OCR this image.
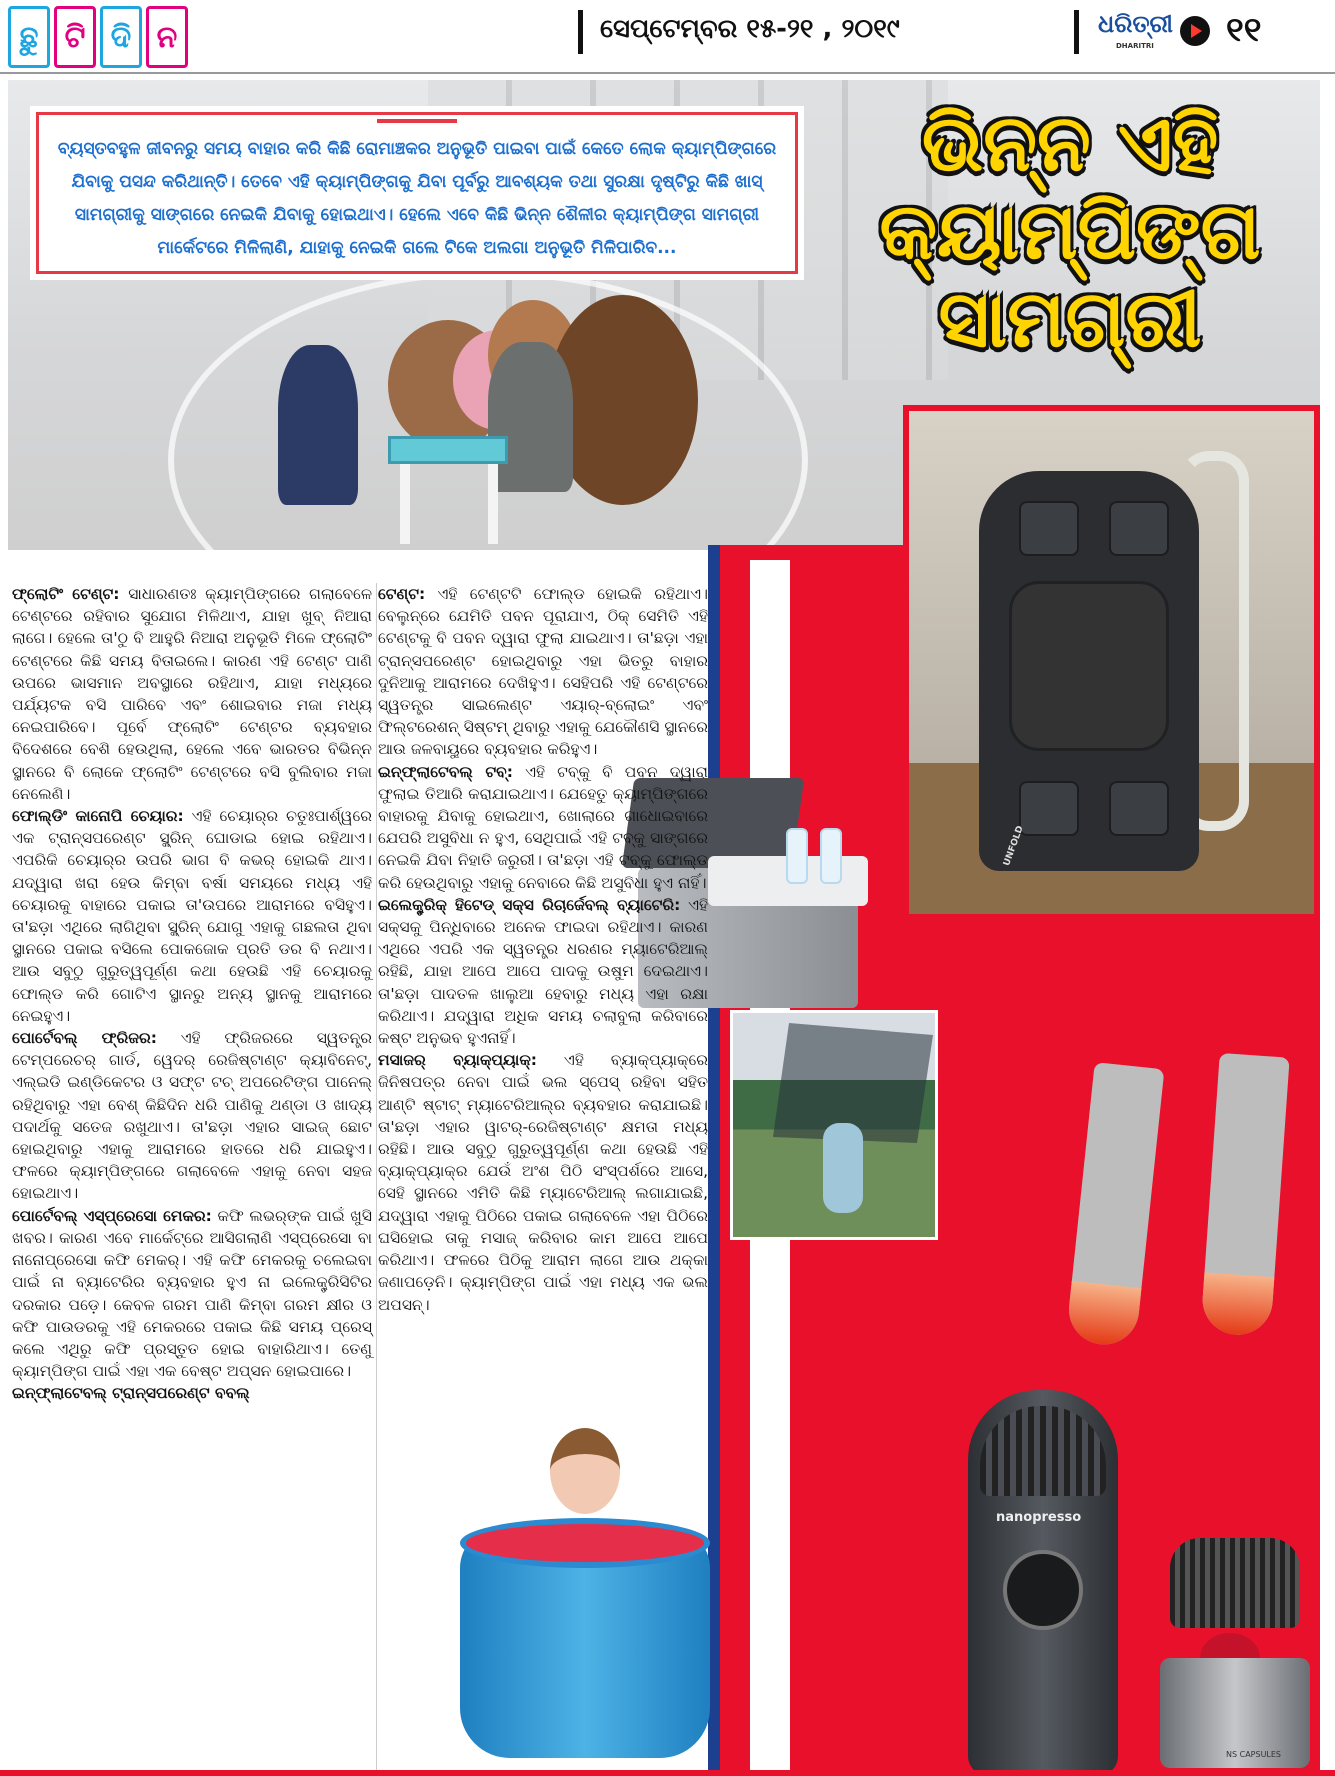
ଛୁ ଟି ଦି ନ	ସେପ୍ଟେମ୍ବର ୧୫-୨୧ , ୨୦୧୯	ଧରିତ୍ରୀ
DHARITRI ୧୧

ବ୍ୟସ୍ତବହୁଳ ଜୀବନରୁ ସମୟ ବାହାର କରି କିଛି ରୋମାଞ୍ଚକର ଅନୁଭୂତି ପାଇବା ପାଇଁ କେତେ ଲୋକ କ୍ୟାମ୍ପିଙ୍ଗରେ ଯିବାକୁ ପସନ୍ଦ କରିଥାନ୍ତି। ତେବେ ଏହି କ୍ୟାମ୍ପିଙ୍ଗକୁ ଯିବା ପୂର୍ବରୁ ଆବଶ୍ୟକ ତଥା ସୁରକ୍ଷା ଦୃଷ୍ଟିରୁ କିଛି ଖାସ୍ ସାମଗ୍ରୀକୁ ସାଙ୍ଗରେ ନେଇକି ଯିବାକୁ ହୋଇଥାଏ। ହେଲେ ଏବେ କିଛି ଭିନ୍ନ ଶୈଳୀର କ୍ୟାମ୍ପିଙ୍ଗ ସାମଗ୍ରୀ ମାର୍କେଟରେ ମିଳିଲାଣି, ଯାହାକୁ ନେଇକି ଗଲେ ଟିକେ ଅଲଗା ଅନୁଭୂତି ମିଳିପାରିବ...

ଭିନ୍ନ ଏହି
କ୍ୟାମ୍ପିଙ୍ଗ
ସାମଗ୍ରୀ
UNFOLD
nanopresso
NS CAPSULES

ଫ୍ଲୋଟିଂ ଟେଣ୍ଟ: ସାଧାରଣତଃ କ୍ୟାମ୍ପିଙ୍ଗରେ ଗଲାବେଳେ ଟେଣ୍ଟରେ ରହିବାର ସୁଯୋଗ ମିଳିଥାଏ, ଯାହା ଖୁବ୍ ନିଆରା ଲାଗେ। ହେଲେ ତା'ଠୁ ବି ଆହୁରି ନିଆରା ଅନୁଭୂତି ମିଳେ ଫ୍ଲୋଟିଂ ଟେଣ୍ଟରେ କିଛି ସମୟ ବିତାଇଲେ। କାରଣ ଏହି ଟେଣ୍ଟ ପାଣି ଉପରେ ଭାସମାନ ଅବସ୍ଥାରେ ରହିଥାଏ, ଯାହା ମଧ୍ୟରେ ପର୍ଯ୍ୟଟକ ବସି ପାରିବେ ଏବଂ ଶୋଇବାର ମଜା ମଧ୍ୟ ନେଇପାରିବେ। ପୂର୍ବେ ଫ୍ଲୋଟିଂ ଟେଣ୍ଟର ବ୍ୟବହାର ବିଦେଶରେ ବେଶି ହେଉଥିଲା, ହେଲେ ଏବେ ଭାରତର ବିଭିନ୍ନ ସ୍ଥାନରେ ବି ଲୋକେ ଫ୍ଲୋଟିଂ ଟେଣ୍ଟରେ ବସି ବୁଲିବାର ମଜା ନେଲେଣି।

ଫୋଲ୍ଡିଂ କାନୋପି ଚେୟାର: ଏହି ଚେୟାର୍‌ର ଚତୁଃପାର୍ଶ୍ୱରେ ଏକ ଟ୍ରାନ୍ସପରେଣ୍ଟ ସ୍କ୍ରିନ୍ ଘୋଡାଇ ହୋଇ ରହିଥାଏ। ଏପରିକି ଚେୟାର୍‌ର ଉପରି ଭାଗ ବି କଭର୍ ହୋଇକି ଥାଏ। ଯଦ୍ୱାରା ଖରା ହେଉ କିମ୍ବା ବର୍ଷା ସମୟରେ ମଧ୍ୟ ଏହି ଚେୟାରକୁ ବାହାରେ ପକାଇ ତା'ଉପରେ ଆରାମରେ ବସିହୁଏ। ତା'ଛଡ଼ା ଏଥିରେ ଲାଗିଥିବା ସ୍କ୍ରିନ୍ ଯୋଗୁ ଏହାକୁ ଗଛଲତା ଥିବା ସ୍ଥାନରେ ପକାଇ ବସିଲେ ପୋକଜୋକ ପ୍ରତି ଡର ବି ନଥାଏ। ଆଉ ସବୁଠୁ ଗୁରୁତ୍ୱପୂର୍ଣ୍ଣ କଥା ହେଉଛି ଏହି ଚେୟାରକୁ ଫୋଲ୍ଡ କରି ଗୋଟିଏ ସ୍ଥାନରୁ ଅନ୍ୟ ସ୍ଥାନକୁ ଆରାମରେ ନେଇହୁଏ।

ପୋର୍ଟେବଲ୍ ଫ୍ରିଜର: ଏହି ଫ୍ରିଜରରେ ସ୍ୱତନ୍ତ୍ର ଟେମ୍ପରେଚର୍ ଗାର୍ଡ, ୱେଦର୍ ରେଜିଷ୍ଟାଣ୍ଟ କ୍ୟାବିନେଟ୍, ଏଲ୍‌ଇଡି ଇଣ୍ଡିକେଟର ଓ ସଫ୍ଟ ଟଚ୍ ଅପରେଟିଙ୍ଗ ପାନେଲ୍ ରହିଥିବାରୁ ଏହା ବେଶ୍ କିଛିଦିନ ଧରି ପାଣିକୁ ଥଣ୍ଡା ଓ ଖାଦ୍ୟ ପଦାର୍ଥକୁ ସତେଜ ରଖୁଥାଏ। ତା'ଛଡ଼ା ଏହାର ସାଇଜ୍ ଛୋଟ ହୋଇଥିବାରୁ ଏହାକୁ ଆରାମରେ ହାତରେ ଧରି ଯାଇହୁଏ। ଫଳରେ କ୍ୟାମ୍ପିଙ୍ଗରେ ଗଲାବେଳେ ଏହାକୁ ନେବା ସହଜ ହୋଇଥାଏ।

ପୋର୍ଟେବଲ୍ ଏସ୍‌ପ୍ରେସୋ ମେକର: କଫି ଲଭର୍‌ଙ୍କ ପାଇଁ ଖୁସି ଖବର। କାରଣ ଏବେ ମାର୍କେଟ୍‌ରେ ଆସିଗଲାଣି ଏସ୍‌ପ୍ରେସୋ ବା ନାନୋପ୍ରେସୋ କଫି ମେକର୍। ଏହି କଫି ମେକରକୁ ଚଲେଇବା ପାଇଁ ନା ବ୍ୟାଟେରିର ବ୍ୟବହାର ହୁଏ ନା ଇଲେକ୍ଟ୍ରିସିଟିର ଦରକାର ପଡ଼େ। କେବଳ ଗରମ ପାଣି କିମ୍ବା ଗରମ କ୍ଷୀର ଓ କଫି ପାଉଡରକୁ ଏହି ମେକରରେ ପକାଇ କିଛି ସମୟ ପ୍ରେସ୍ କଲେ ଏଥିରୁ କଫି ପ୍ରସ୍ତୁତ ହୋଇ ବାହାରିଥାଏ। ତେଣୁ କ୍ୟାମ୍ପିଙ୍ଗ ପାଇଁ ଏହା ଏକ ବେଷ୍ଟ ଅପ୍ସନ ହୋଇପାରେ।

ଇନ୍‌ଫ୍ଲାଟେବଲ୍ ଟ୍ରାନ୍ସପରେଣ୍ଟ ବବଲ୍

ଟେଣ୍ଟ: ଏହି ଟେଣ୍ଟଟି ଫୋଲ୍ଡ ହୋଇକି ରହିଥାଏ। ବେଲୁନ୍‌ରେ ଯେମିତି ପବନ ପୂରାଯାଏ, ଠିକ୍ ସେମିତି ଏହି ଟେଣ୍ଟକୁ ବି ପବନ ଦ୍ୱାରା ଫୁଲା ଯାଇଥାଏ। ତା'ଛଡ଼ା ଏହା ଟ୍ରାନ୍ସପରେଣ୍ଟ ହୋଇଥିବାରୁ ଏହା ଭିତରୁ ବାହାର ଦୁନିଆକୁ ଆରାମରେ ଦେଖିହୁଏ। ସେହିପରି ଏହି ଟେଣ୍ଟରେ ସ୍ୱତନ୍ତ୍ର ସାଇଲେଣ୍ଟ ଏୟାର୍-ବ୍ଲୋଇଂ ଏବଂ ଫିଲ୍ଟରେଶନ୍ ସିଷ୍ଟମ୍ ଥିବାରୁ ଏହାକୁ ଯେକୌଣସି ସ୍ଥାନରେ ଆଉ ଜଳବାୟୁରେ ବ୍ୟବହାର କରିହୁଏ।

ଇନ୍‌ଫ୍ଲାଟେବଲ୍ ଟବ୍: ଏହି ଟବ୍‌କୁ ବି ପବନ ଦ୍ୱାରା ଫୁଲାଇ ତିଆରି କରାଯାଇଥାଏ। ଯେହେତୁ କ୍ୟାମ୍ପିଙ୍ଗରେ ବାହାରକୁ ଯିବାକୁ ହୋଇଥାଏ, ଖୋଲାରେ ଗାଧୋଇବାରେ ଯେପରି ଅସୁବିଧା ନ ହୁଏ, ସେଥିପାଇଁ ଏହି ଟବ୍‌କୁ ସାଙ୍ଗରେ ନେଇକି ଯିବା ନିହାତି ଜରୁରୀ। ତା'ଛଡ଼ା ଏହି ଟବ୍‌କୁ ଫୋଲ୍ଡ କରି ହେଉଥିବାରୁ ଏହାକୁ ନେବାରେ କିଛି ଅସୁବିଧା ହୁଏ ନାହିଁ।

ଇଲେକ୍ଟ୍ରିକ୍ ହିଟେଡ୍ ସକ୍ସ ରିଚାର୍ଜେବଲ୍ ବ୍ୟାଟେରି: ଏହି ସକ୍ସକୁ ପିନ୍ଧିବାରେ ଅନେକ ଫାଇଦା ରହିଥାଏ। କାରଣ ଏଥିରେ ଏପରି ଏକ ସ୍ୱତନ୍ତ୍ର ଧରଣର ମ୍ୟାଟେରିଆଲ୍ ରହିଛି, ଯାହା ଆପେ ଆପେ ପାଦକୁ ଉଷୁମ ଦେଇଥାଏ। ତା'ଛଡ଼ା ପାଦତଳ ଖାଲୁଆ ହେବାରୁ ମଧ୍ୟ ଏହା ରକ୍ଷା କରିଥାଏ। ଯଦ୍ୱାରା ଅଧିକ ସମୟ ଚଲାବୁଲା କରିବାରେ କଷ୍ଟ ଅନୁଭବ ହୁଏନାହିଁ।

ମସାଜର୍ ବ୍ୟାକ୍‌ପ୍ୟାକ୍: ଏହି ବ୍ୟାକ୍‌ପ୍ୟାକ୍‌ରେ ଜିନିଷପତ୍ର ନେବା ପାଇଁ ଭଲ ସ୍ପେସ୍ ରହିବା ସହିତ ଆଣ୍ଟି ଷ୍ଟାଟ୍ ମ୍ୟାଟେରିଆଲ୍‌ର ବ୍ୟବହାର କରାଯାଇଛି। ତା'ଛଡ଼ା ଏହାର ୱାଟର୍-ରେଜିଷ୍ଟାଣ୍ଟ କ୍ଷମତା ମଧ୍ୟ ରହିଛି। ଆଉ ସବୁଠୁ ଗୁରୁତ୍ୱପୂର୍ଣ୍ଣ କଥା ହେଉଛି ଏହି ବ୍ୟାକ୍‌ପ୍ୟାକ୍‌ର ଯେଉଁ ଅଂଶ ପିଠି ସଂସ୍ପର୍ଶରେ ଆସେ, ସେହି ସ୍ଥାନରେ ଏମିତି କିଛି ମ୍ୟାଟେରିଆଲ୍ ଲଗାଯାଇଛି, ଯଦ୍ୱାରା ଏହାକୁ ପିଠିରେ ପକାଇ ଗଲାବେଳେ ଏହା ପିଠିରେ ଘସିହୋଇ ତାକୁ ମସାଜ୍ କରିବାର କାମ ଆପେ ଆପେ କରିଥାଏ। ଫଳରେ ପିଠିକୁ ଆରାମ ଲାଗେ ଆଉ ଥକ୍କା ଜଣାପଡ଼େନି। କ୍ୟାମ୍ପିଙ୍ଗ ପାଇଁ ଏହା ମଧ୍ୟ ଏକ ଭଲ ଅପସନ୍।
